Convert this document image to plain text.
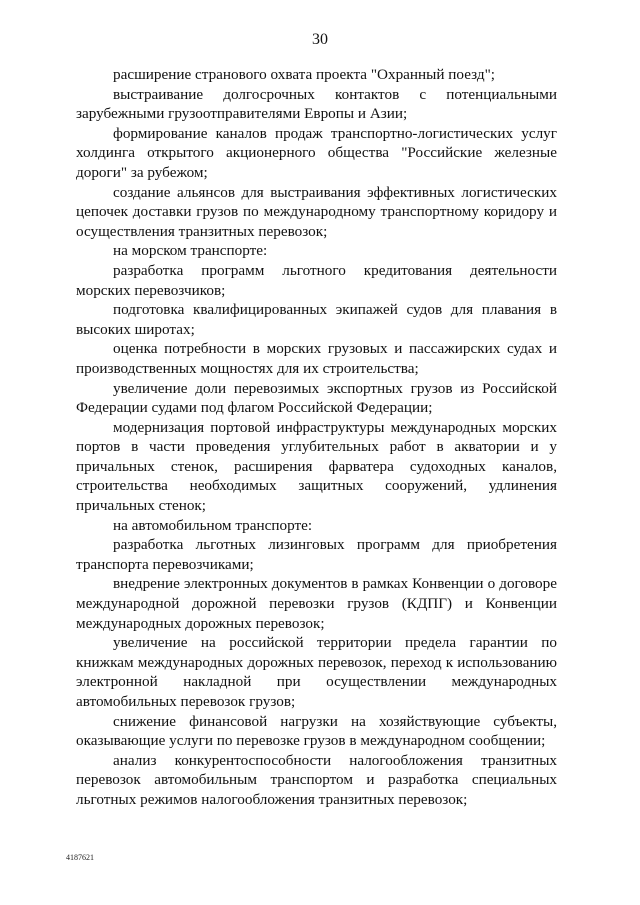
30

расширение странового охвата проекта "Охранный поезд";

выстраивание долгосрочных контактов с потенциальными зарубежными грузоотправителями Европы и Азии;

формирование каналов продаж транспортно-логистических услуг холдинга открытого акционерного общества "Российские железные дороги" за рубежом;

создание альянсов для выстраивания эффективных логистических цепочек доставки грузов по международному транспортному коридору и осуществления транзитных перевозок;

на морском транспорте:

разработка программ льготного кредитования деятельности морских перевозчиков;

подготовка квалифицированных экипажей судов для плавания в высоких широтах;

оценка потребности в морских грузовых и пассажирских судах и производственных мощностях для их строительства;

увеличение доли перевозимых экспортных грузов из Российской Федерации судами под флагом Российской Федерации;

модернизация портовой инфраструктуры международных морских портов в части проведения углубительных работ в акватории и у причальных стенок, расширения фарватера судоходных каналов, строительства необходимых защитных сооружений, удлинения причальных стенок;

на автомобильном транспорте:

разработка льготных лизинговых программ для приобретения транспорта перевозчиками;

внедрение электронных документов в рамках Конвенции о договоре международной дорожной перевозки грузов (КДПГ) и Конвенции международных дорожных перевозок;

увеличение на российской территории предела гарантии по книжкам международных дорожных перевозок, переход к использованию электронной накладной при осуществлении международных автомобильных перевозок грузов;

снижение финансовой нагрузки на хозяйствующие субъекты, оказывающие услуги по перевозке грузов в международном сообщении;

анализ конкурентоспособности налогообложения транзитных перевозок автомобильным транспортом и разработка специальных льготных режимов налогообложения транзитных перевозок;

4187621
